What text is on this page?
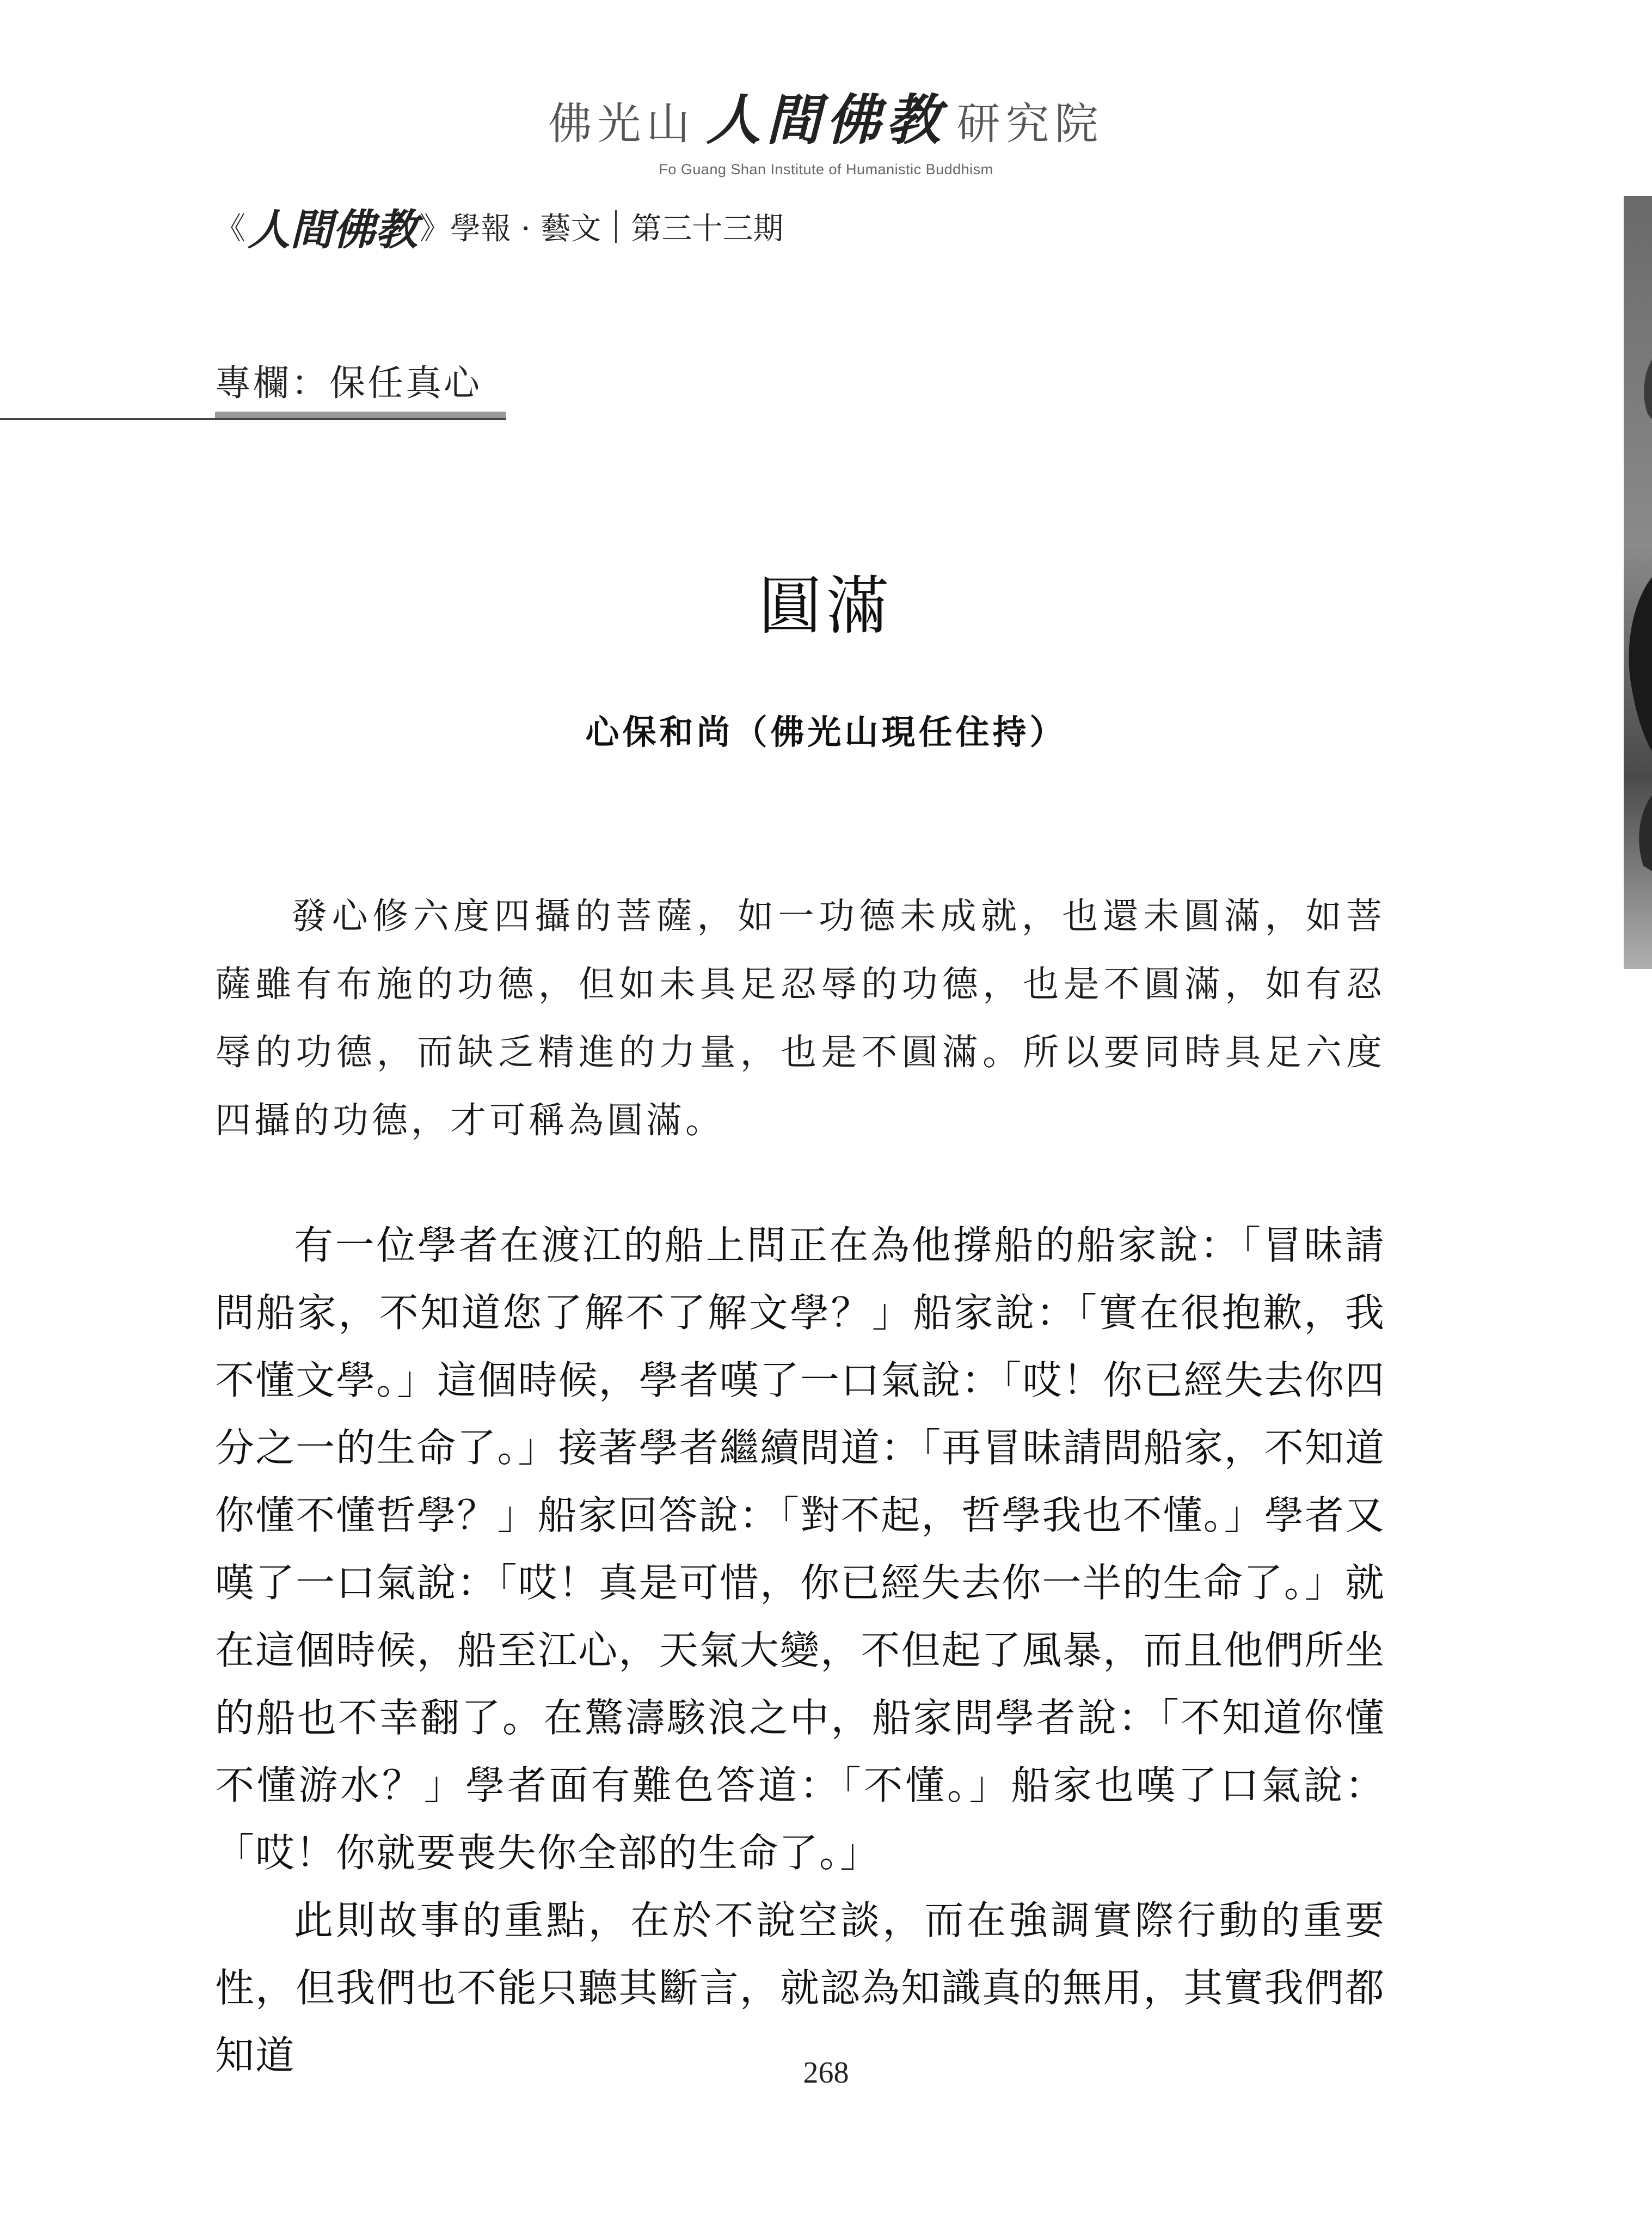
佛光山 人間佛教 研究院
Fo Guang Shan Institute of Humanistic Buddhism
《 人間佛教 》學報 · 藝文 第三十三期
專欄：保任真心
圓滿
心保和尚（佛光山現任住持）
發心修六度四攝的菩薩，如一功德未成就，也還未圓滿，如菩薩雖有布施的功德，但如未具足忍辱的功德，也是不圓滿，如有忍辱的功德，而缺乏精進的力量，也是不圓滿。所以要同時具足六度四攝的功德，才可稱為圓滿。

有一位學者在渡江的船上問正在為他撐船的船家說：「冒昧請問船家，不知道您了解不了解文學？」船家說：「實在很抱歉，我不懂文學。」這個時候，學者嘆了一口氣說：「哎！你已經失去你四分之一的生命了。」接著學者繼續問道：「再冒昧請問船家，不知道你懂不懂哲學？」船家回答說：「對不起，哲學我也不懂。」學者又嘆了一口氣說：「哎！真是可惜，你已經失去你一半的生命了。」就在這個時候，船至江心，天氣大變，不但起了風暴，而且他們所坐的船也不幸翻了。在驚濤駭浪之中，船家問學者說：「不知道你懂不懂游水？」學者面有難色答道：「不懂。」船家也嘆了口氣說：「哎！你就要喪失你全部的生命了。」

此則故事的重點，在於不說空談，而在強調實際行動的重要性，但我們也不能只聽其斷言，就認為知識真的無用，其實我們都知道	268
